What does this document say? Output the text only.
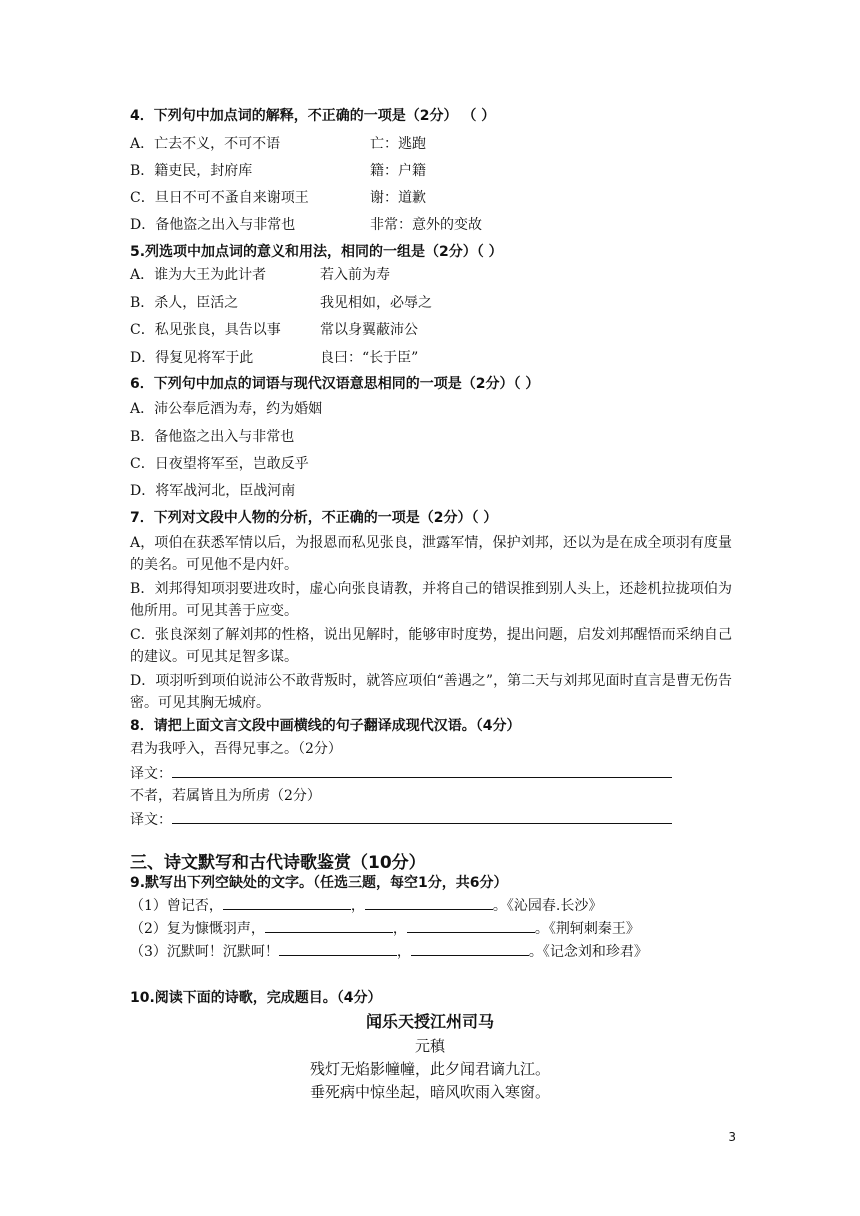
4．下列句中加点词的解释，不正确的一项是（2分） （ ）
A．亡去不义，不可不语	亡：逃跑
B．籍吏民，封府库	籍：户籍
C．旦日不可不蚤自来谢项王	谢：道歉
D．备他盗之出入与非常也	非常：意外的变故
5.列选项中加点词的意义和用法，相同的一组是（2分）（ ）
A．谁为大王为此计者	若入前为寿
B．杀人，臣活之	我见相如，必辱之
C．私见张良，具告以事	常以身翼蔽沛公
D．得复见将军于此	良曰：“长于臣”
6．下列句中加点的词语与现代汉语意思相同的一项是（2分）（ ）
A．沛公奉卮酒为寿，约为婚姻
B．备他盗之出入与非常也
C．日夜望将军至，岂敢反乎
D．将军战河北，臣战河南
7．下列对文段中人物的分析，不正确的一项是（2分）（ ）
A，项伯在获悉军情以后，为报恩而私见张良，泄露军情，保护刘邦，还以为是在成全项羽有度量的美名。可见他不是内奸。
B．刘邦得知项羽要进攻时，虚心向张良请教，并将自己的错误推到别人头上，还趁机拉拢项伯为他所用。可见其善于应变。
C．张良深刻了解刘邦的性格，说出见解时，能够审时度势，提出问题，启发刘邦醒悟而采纳自己的建议。可见其足智多谋。
D．项羽听到项伯说沛公不敢背叛时，就答应项伯“善遇之”，第二天与刘邦见面时直言是曹无伤告密。可见其胸无城府。
8．请把上面文言文段中画横线的句子翻译成现代汉语。（4分）
君为我呼入，吾得兄事之。（2分）
译文：
不者，若属皆且为所虏（2分）
译文：
三、诗文默写和古代诗歌鉴赏（10分）
9.默写出下列空缺处的文字。（任选三题，每空1分，共6分）
（1）曾记否，	，	。《沁园春.长沙》
（2）复为慷慨羽声，	，	。《荆轲刺秦王》
（3）沉默呵！沉默呵！	，	。《记念刘和珍君》
10.阅读下面的诗歌，完成题目。（4分）
闻乐天授江州司马
元稹
残灯无焰影幢幢，此夕闻君谪九江。
垂死病中惊坐起，暗风吹雨入寒窗。
3
